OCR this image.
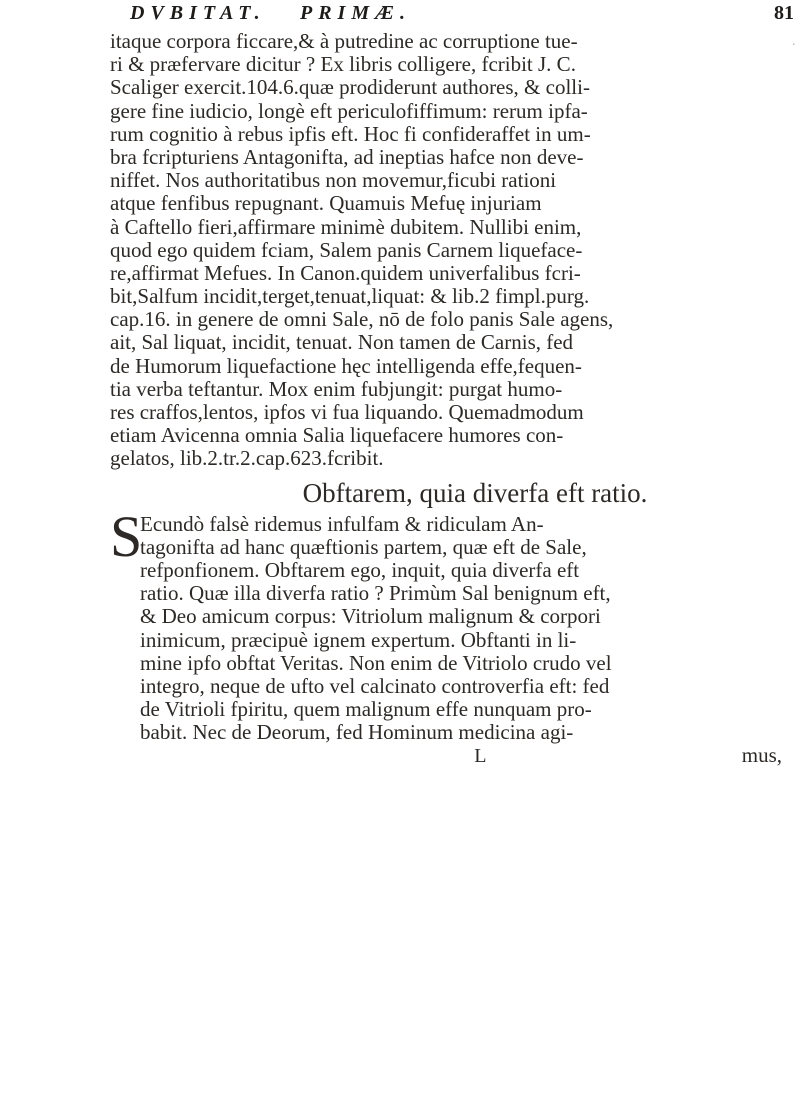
DVBITAT. PRIMÆ.	81
·
itaque corpora ficcare,& à putredine ac corruptione tue-
ri & præfervare dicitur ? Ex libris colligere, fcribit J. C.
Scaliger exercit.104.6.quæ prodiderunt authores, & colli-
gere fine iudicio, longè eft periculofiffimum: rerum ipfa-
rum cognitio à rebus ipfis eft. Hoc fi confideraffet in um-
bra fcripturiens Antagonifta, ad ineptias hafce non deve-
niffet. Nos authoritatibus non movemur,ficubi rationi
atque fenfibus repugnant. Quamuis Mefuę injuriam
à Caftello fieri,affirmare minimè dubitem. Nullibi enim,
quod ego quidem fciam, Salem panis Carnem liqueface-
re,affirmat Mefues. In Canon.quidem univerfalibus fcri-
bit,Salfum incidit,terget,tenuat,liquat: & lib.2 fimpl.purg.
cap.16. in genere de omni Sale, nō de folo panis Sale agens,
ait, Sal liquat, incidit, tenuat. Non tamen de Carnis, fed
de Humorum liquefactione hęc intelligenda effe,fequen-
tia verba teftantur. Mox enim fubjungit: purgat humo-
res craffos,lentos, ipfos vi fua liquando. Quemadmodum
etiam Avicenna omnia Salia liquefacere humores con-
gelatos, lib.2.tr.2.cap.623.fcribit.
Obftarem, quia diverfa eft ratio.
S
Ecundò falsè ridemus infulfam & ridiculam An-
tagonifta ad hanc quæftionis partem, quæ eft de Sale,
refponfionem. Obftarem ego, inquit, quia diverfa eft
ratio. Quæ illa diverfa ratio ? Primùm Sal benignum eft,
& Deo amicum corpus: Vitriolum malignum & corpori
inimicum, præcipuè ignem expertum. Obftanti in li-
mine ipfo obftat Veritas. Non enim de Vitriolo crudo vel
integro, neque de ufto vel calcinato controverfia eft: fed
de Vitrioli fpiritu, quem malignum effe nunquam pro-
babit. Nec de Deorum, fed Hominum medicina agi-
L	mus,
